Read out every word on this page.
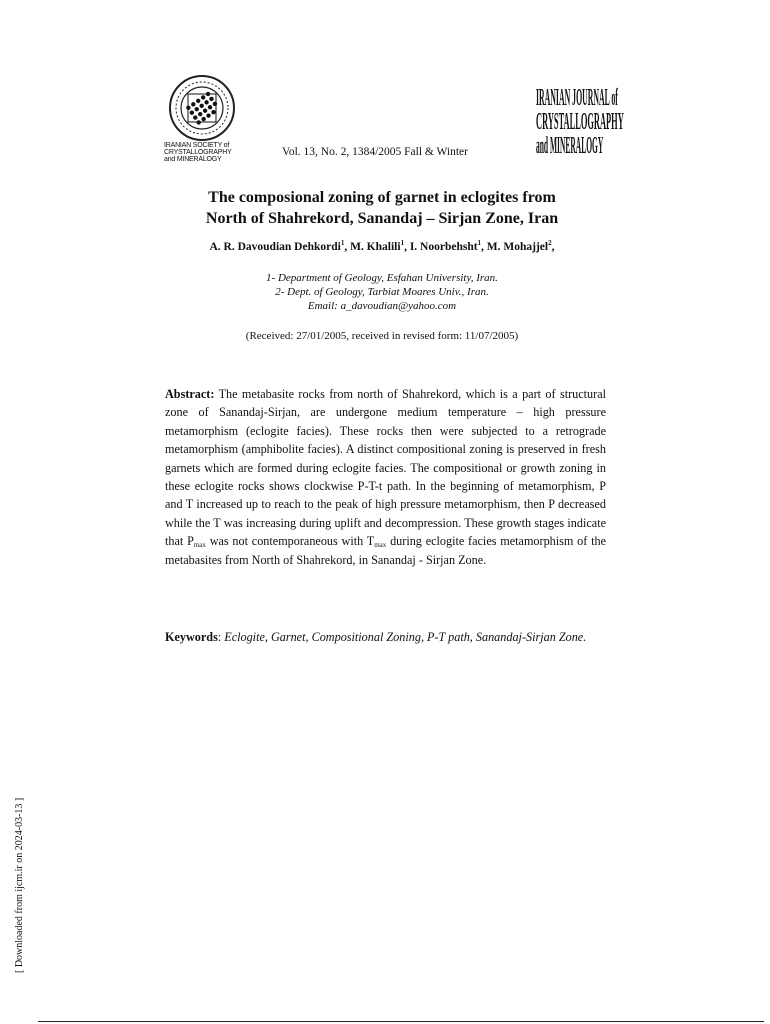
IRANIAN SOCIETY of
CRYSTALLOGRAPHY
and MINERALOGY
Vol. 13, No. 2, 1384/2005 Fall & Winter
IRANIAN JOURNAL of
CRYSTALLOGRAPHY
and MINERALOGY
The composional zoning of garnet in eclogites from
North of Shahrekord, Sanandaj – Sirjan Zone, Iran
A. R. Davoudian Dehkordi$^1$, M. Khalili$^1$, I. Noorbehsht$^1$, M. Mohajjel$^2$,
1- Department of Geology, Esfahan University, Iran.
2- Dept. of Geology, Tarbiat Moares Univ., Iran.
Email: a_davoudian@yahoo.com
(Received: 27/01/2005, received in revised form: 11/07/2005)
Abstract: The metabasite rocks from north of Shahrekord, which is a part of structural zone of Sanandaj-Sirjan, are undergone medium temperature – high pressure metamorphism (eclogite facies). These rocks then were subjected to a retrograde metamorphism (amphibolite facies). A distinct compositional zoning is preserved in fresh garnets which are formed during eclogite facies. The compositional or growth zoning in these eclogite rocks shows clockwise P-T-t path. In the beginning of metamorphism, P and T increased up to reach to the peak of high pressure metamorphism, then P decreased while the T was increasing during uplift and decompression. These growth stages indicate that $P_{max}$ was not contemporaneous with $T_{max}$ during eclogite facies metamorphism of the metabasites from North of Shahrekord, in Sanandaj - Sirjan Zone.
Keywords: Eclogite, Garnet, Compositional Zoning, P-T path, Sanandaj-Sirjan Zone.
[ Downloaded from ijcm.ir on 2024-03-13 ]
